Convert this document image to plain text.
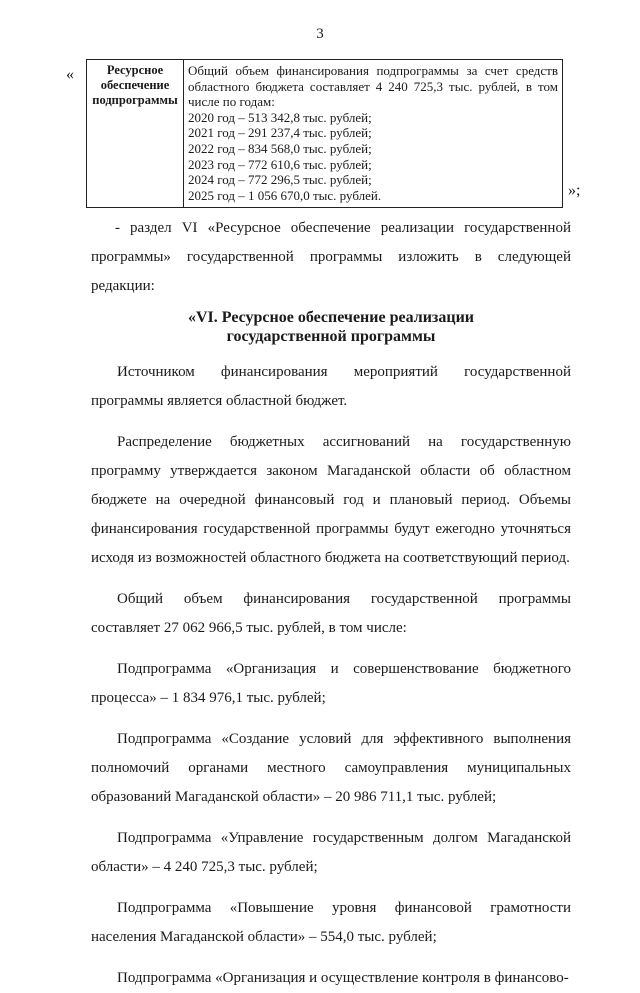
3
«	Ресурсное обеспечение подпрограммы	Общий объем финансирования подпрограммы за счет средств областного бюджета составляет 4 240 725,3 тыс. рублей, в том числе по годам:
2020 год – 513 342,8 тыс. рублей;
2021 год – 291 237,4 тыс. рублей;
2022 год – 834 568,0 тыс. рублей;
2023 год – 772 610,6 тыс. рублей;
2024 год – 772 296,5 тыс. рублей;
2025 год – 1 056 670,0 тыс. рублей.	»;

- раздел VI «Ресурсное обеспечение реализации государственной программы» государственной программы изложить в следующей редакции:

«VI. Ресурсное обеспечение реализации
государственной программы

Источником финансирования мероприятий государственной программы является областной бюджет.

Распределение бюджетных ассигнований на государственную программу утверждается законом Магаданской области об областном бюджете на очередной финансовый год и плановый период. Объемы финансирования государственной программы будут ежегодно уточняться исходя из возможностей областного бюджета на соответствующий период.

Общий объем финансирования государственной программы составляет 27 062 966,5 тыс. рублей, в том числе:

Подпрограмма «Организация и совершенствование бюджетного процесса» – 1 834 976,1 тыс. рублей;

Подпрограмма «Создание условий для эффективного выполнения полномочий органами местного самоуправления муниципальных образований Магаданской области» – 20 986 711,1 тыс. рублей;

Подпрограмма «Управление государственным долгом Магаданской области» – 4 240 725,3 тыс. рублей;

Подпрограмма «Повышение уровня финансовой грамотности населения Магаданской области» – 554,0 тыс. рублей;

Подпрограмма «Организация и осуществление контроля в финансово-
